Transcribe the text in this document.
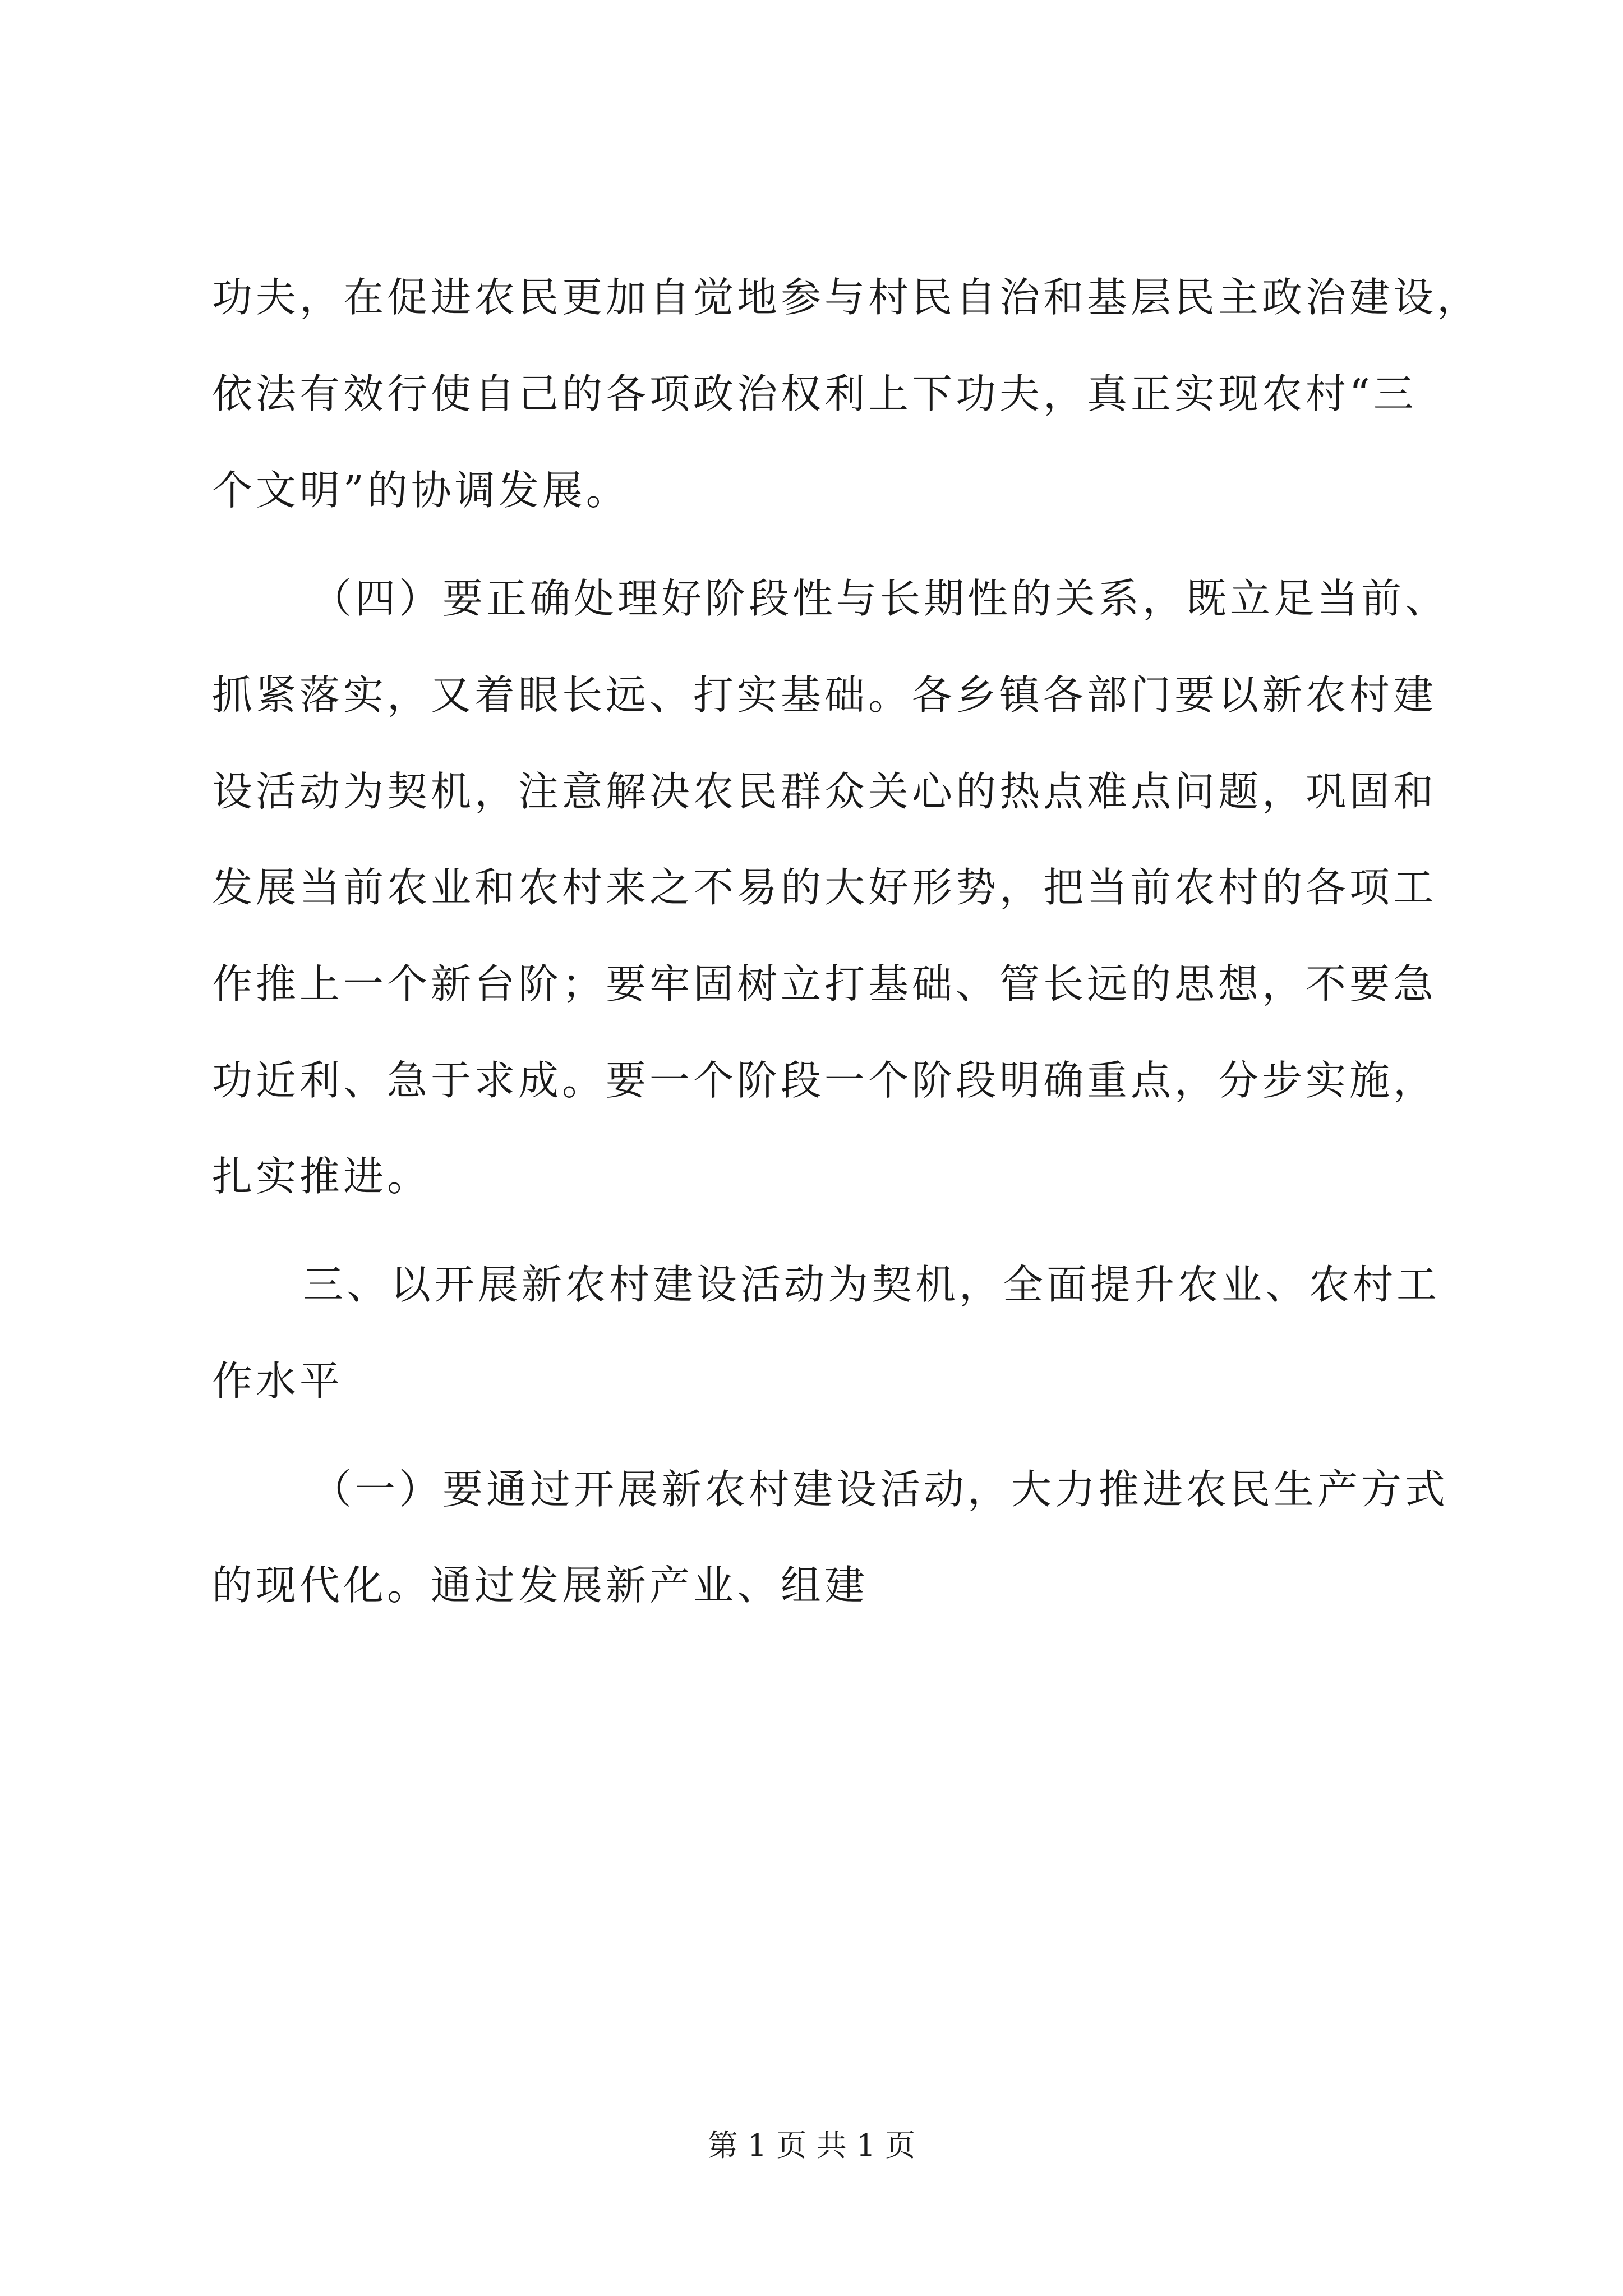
功夫，在促进农民更加自觉地参与村民自治和基层民主政治建设，
依法有效行使自己的各项政治权利上下功夫，真正实现农村“三
个文明”的协调发展。
（四）要正确处理好阶段性与长期性的关系，既立足当前、
抓紧落实，又着眼长远、打实基础。各乡镇各部门要以新农村建
设活动为契机，注意解决农民群众关心的热点难点问题，巩固和
发展当前农业和农村来之不易的大好形势，把当前农村的各项工
作推上一个新台阶；要牢固树立打基础、管长远的思想，不要急
功近利、急于求成。要一个阶段一个阶段明确重点，分步实施，
扎实推进。
三、以开展新农村建设活动为契机，全面提升农业、农村工
作水平
（一）要通过开展新农村建设活动，大力推进农民生产方式
的现代化。通过发展新产业、组建
第 1 页 共 1 页
